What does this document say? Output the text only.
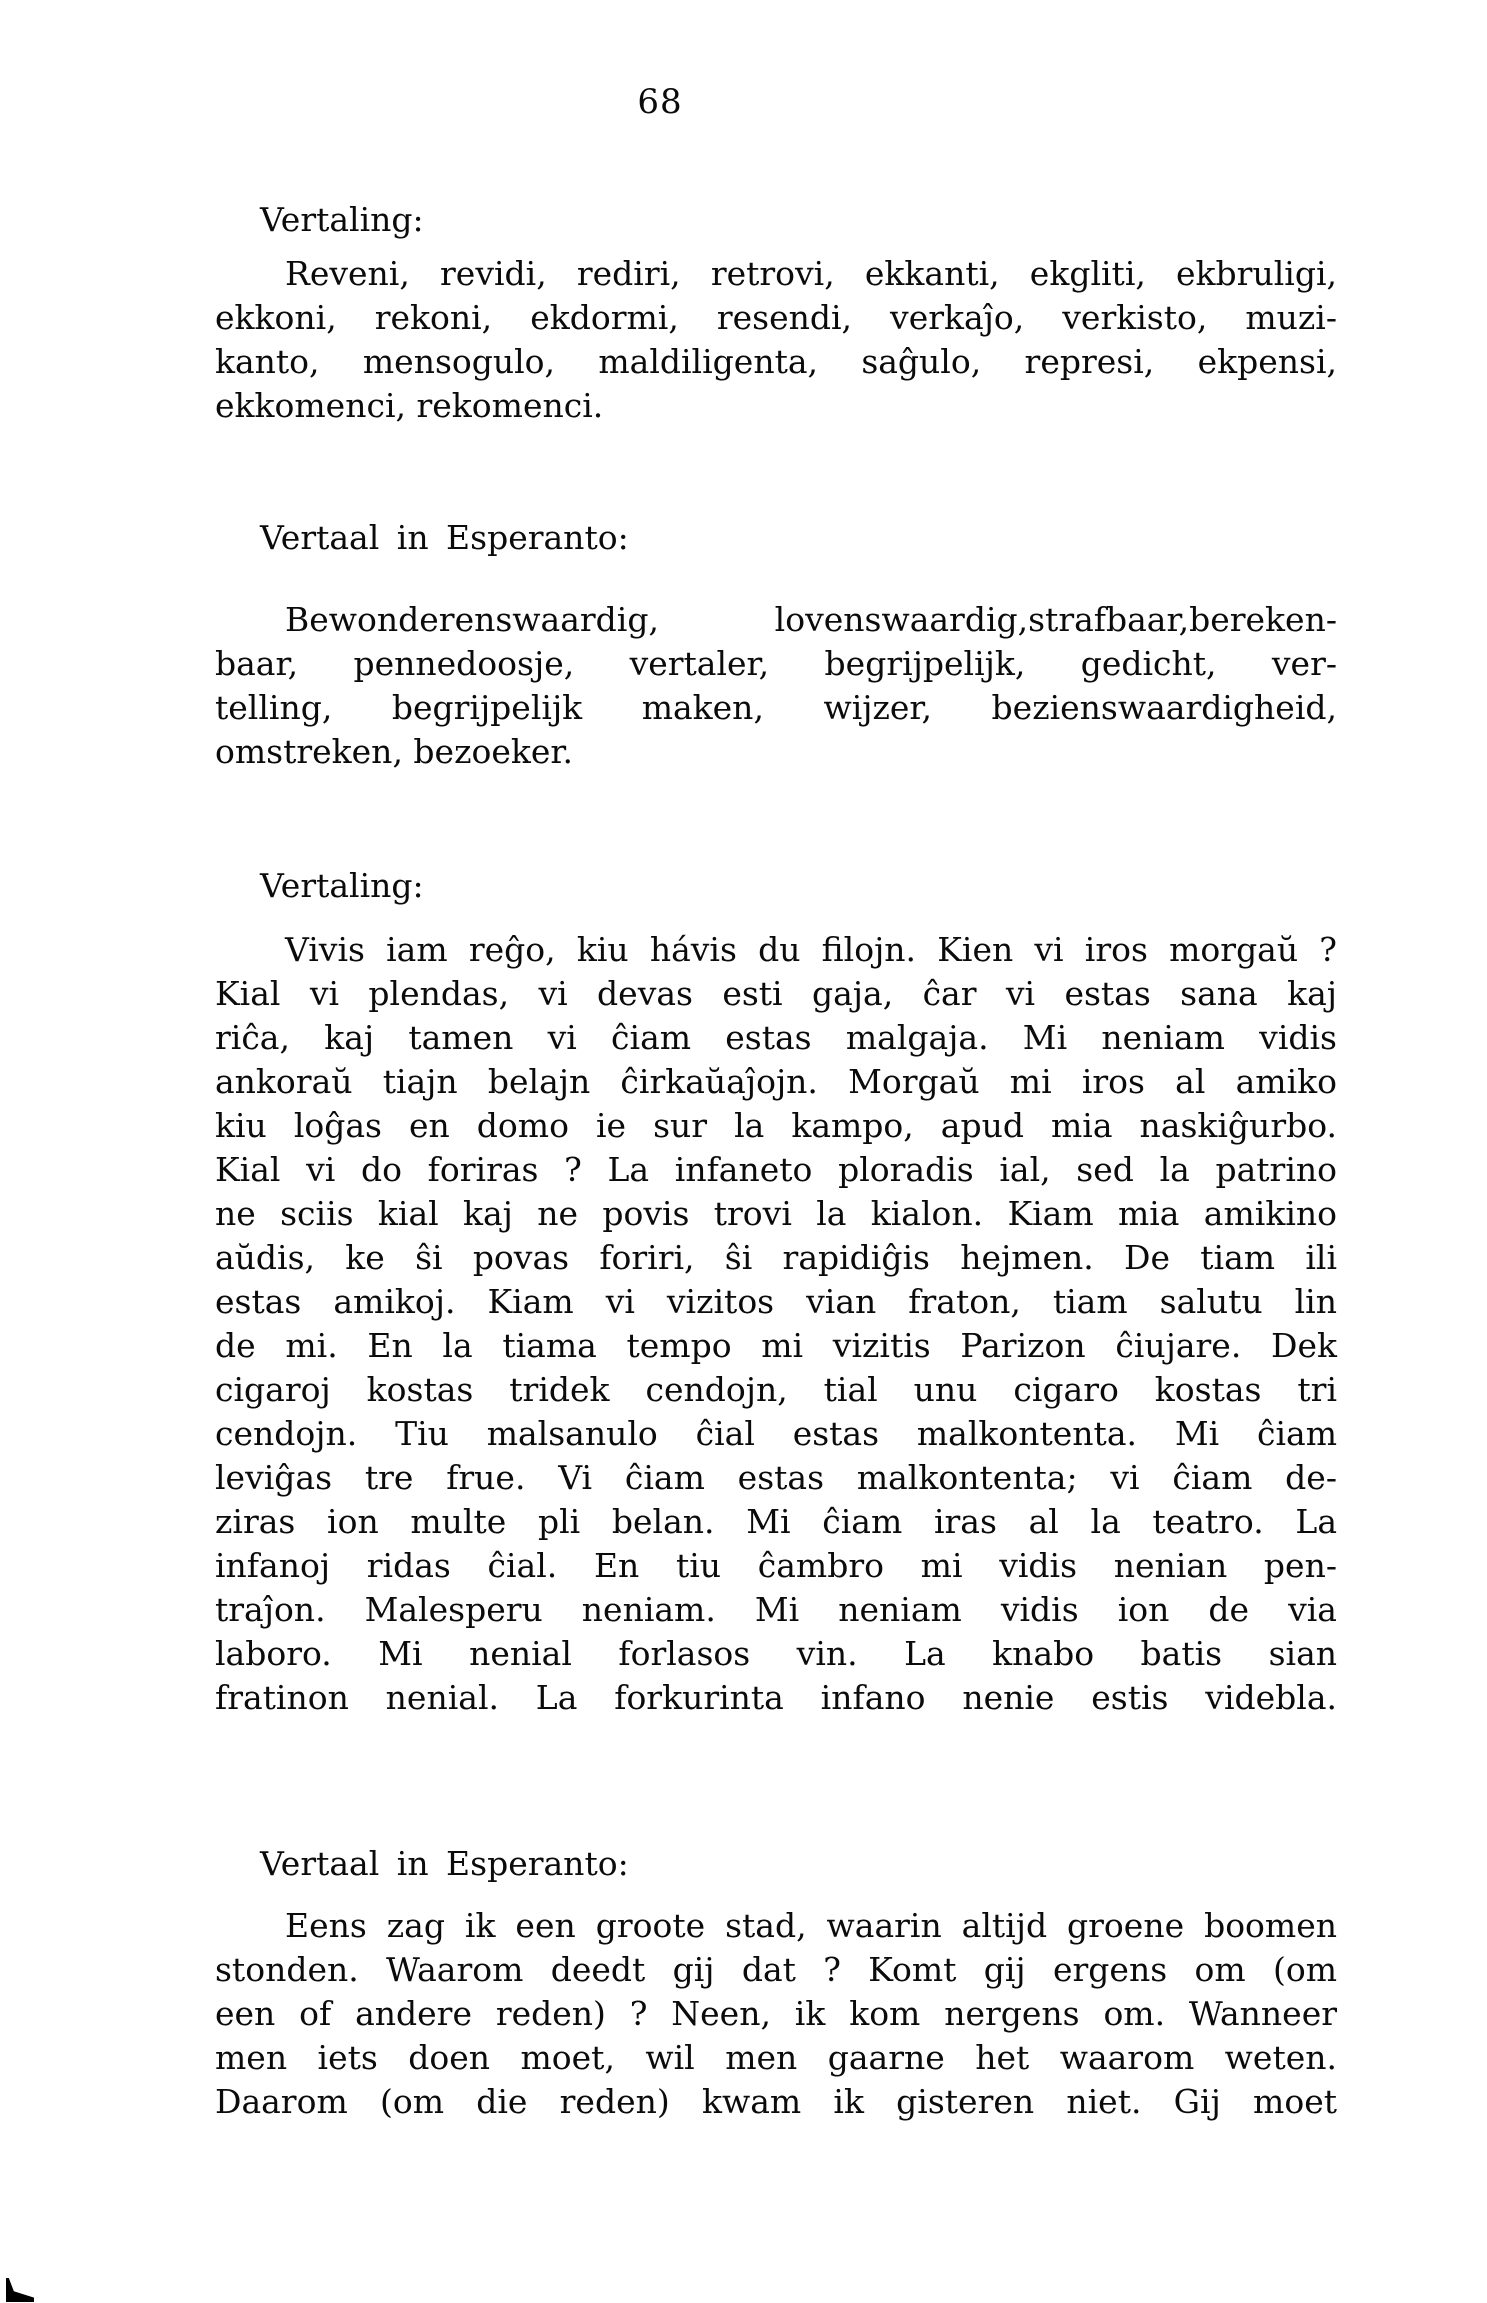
68
Vertaling:
Reveni, revidi, rediri, retrovi, ekkanti, ekgliti, ekbruligi,
ekkoni, rekoni, ekdormi, resendi, verkaĵo, verkisto, muzi-
kanto, mensogulo, maldiligenta, saĝulo, represi, ekpensi,
ekkomenci, rekomenci.
Vertaal in Esperanto:
Bewonderenswaardig, lovenswaardig,strafbaar,bereken-
baar, pennedoosje, vertaler, begrijpelijk, gedicht, ver-
telling, begrijpelijk maken, wijzer, bezienswaardigheid,
omstreken, bezoeker.
Vertaling:
Vivis iam reĝo, kiu hávis du filojn. Kien vi iros morgaŭ ?
Kial vi plendas, vi devas esti gaja, ĉar vi estas sana kaj
riĉa, kaj tamen vi ĉiam estas malgaja. Mi neniam vidis
ankoraŭ tiajn belajn ĉirkaŭaĵojn. Morgaŭ mi iros al amiko
kiu loĝas en domo ie sur la kampo, apud mia naskiĝurbo.
Kial vi do foriras ? La infaneto ploradis ial, sed la patrino
ne sciis kial kaj ne povis trovi la kialon. Kiam mia amikino
aŭdis, ke ŝi povas foriri, ŝi rapidiĝis hejmen. De tiam ili
estas amikoj. Kiam vi vizitos vian fraton, tiam salutu lin
de mi. En la tiama tempo mi vizitis Parizon ĉiujare. Dek
cigaroj kostas tridek cendojn, tial unu cigaro kostas tri
cendojn. Tiu malsanulo ĉial estas malkontenta. Mi ĉiam
leviĝas tre frue. Vi ĉiam estas malkontenta; vi ĉiam de-
ziras ion multe pli belan. Mi ĉiam iras al la teatro. La
infanoj ridas ĉial. En tiu ĉambro mi vidis nenian pen-
traĵon. Malesperu neniam. Mi neniam vidis ion de via
laboro. Mi nenial forlasos vin. La knabo batis sian
fratinon nenial. La forkurinta infano nenie estis videbla.
Vertaal in Esperanto:
Eens zag ik een groote stad, waarin altijd groene boomen
stonden. Waarom deedt gij dat ? Komt gij ergens om (om
een of andere reden) ? Neen, ik kom nergens om. Wanneer
men iets doen moet, wil men gaarne het waarom weten.
Daarom (om die reden) kwam ik gisteren niet. Gij moet
